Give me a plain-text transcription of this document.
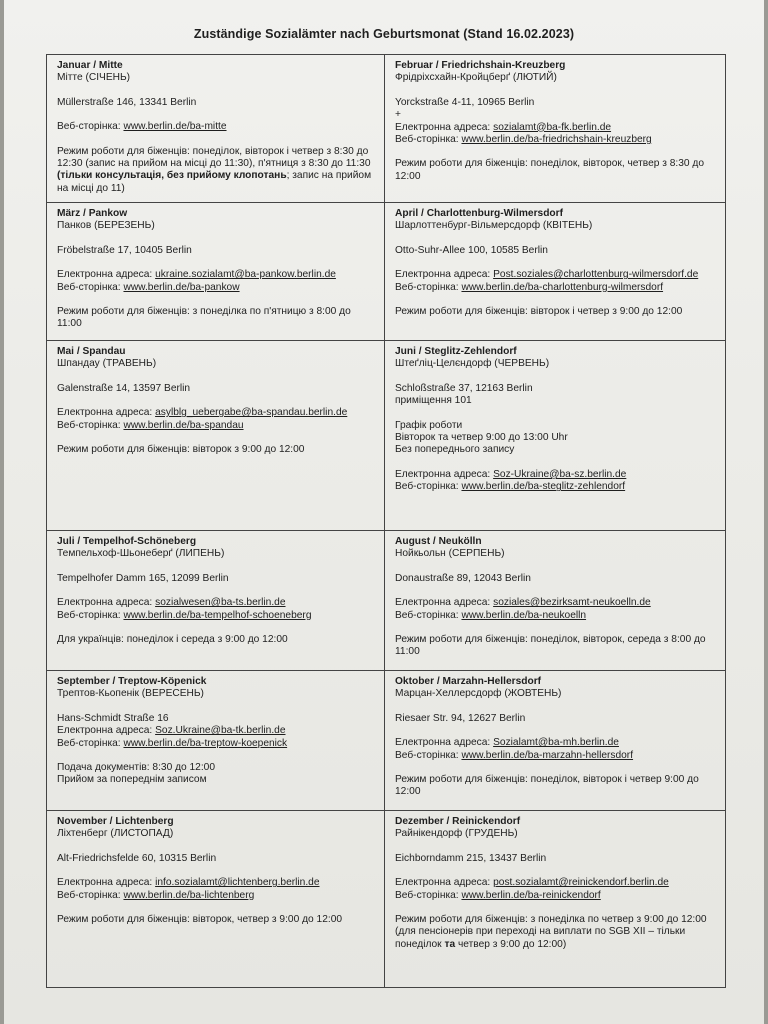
Zuständige Sozialämter nach Geburtsmonat (Stand 16.02.2023)
Januar / Mitte
Мітте (СІЧЕНЬ)
Müllerstraße 146, 13341 Berlin
Веб-сторінка: www.berlin.de/ba-mitte
Режим роботи для біженців: понеділок, вівторок і четвер з 8:30 до 12:30 (запис на прийом на місці до 11:30), п'ятниця з 8:30 до 11:30 (тільки консультація, без прийому клопотань; запис на прийом на місці до 11)
Februar / Friedrichshain-Kreuzberg
Фрідріхсхайн-Кройцберґ (ЛЮТИЙ)
Yorckstraße 4-11, 10965 Berlin
+
Електронна адреса: sozialamt@ba-fk.berlin.de
Веб-сторінка: www.berlin.de/ba-friedrichshain-kreuzberg
Режим роботи для біженців: понеділок, вівторок, четвер з 8:30 до 12:00
März / Pankow
Панков (БЕРЕЗЕНЬ)
Fröbelstraße 17, 10405 Berlin
Електронна адреса: ukraine.sozialamt@ba-pankow.berlin.de
Веб-сторінка: www.berlin.de/ba-pankow
Режим роботи для біженців: з понеділка по п'ятницю з 8:00 до 11:00
April / Charlottenburg-Wilmersdorf
Шарлоттенбург-Вільмерсдорф (КВІТЕНЬ)
Otto-Suhr-Allee 100, 10585 Berlin
Електронна адреса: Post.soziales@charlottenburg-wilmersdorf.de
Веб-сторінка: www.berlin.de/ba-charlottenburg-wilmersdorf
Режим роботи для біженців: вівторок і четвер з 9:00 до 12:00
Mai / Spandau
Шпандау (ТРАВЕНЬ)
Galenstraße 14, 13597 Berlin
Електронна адреса: asylblg_uebergabe@ba-spandau.berlin.de
Веб-сторінка: www.berlin.de/ba-spandau
Режим роботи для біженців: вівторок з 9:00 до 12:00
Juni / Steglitz-Zehlendorf
Штеґліц-Целєндорф (ЧЕРВЕНЬ)
Schloßstraße 37, 12163 Berlin
приміщення 101
Графік роботи
Вівторок та четвер 9:00 до 13:00 Uhr
Без попереднього запису
Електронна адреса: Soz-Ukraine@ba-sz.berlin.de
Веб-сторінка: www.berlin.de/ba-steglitz-zehlendorf
Juli / Tempelhof-Schöneberg
Темпельхоф-Шьонеберґ (ЛИПЕНЬ)
Tempelhofer Damm 165, 12099 Berlin
Електронна адреса: sozialwesen@ba-ts.berlin.de
Веб-сторінка: www.berlin.de/ba-tempelhof-schoeneberg
Для українців: понеділок і середа з 9:00 до 12:00
August / Neukölln
Нойкьольн (СЕРПЕНЬ)
Donaustraße 89, 12043 Berlin
Електронна адреса: soziales@bezirksamt-neukoelln.de
Веб-сторінка: www.berlin.de/ba-neukoelln
Режим роботи для біженців: понеділок, вівторок, середа з 8:00 до 11:00
September / Treptow-Köpenick
Трептов-Кьопенік (ВЕРЕСЕНЬ)
Hans-Schmidt Straße 16
Електронна адреса: Soz.Ukraine@ba-tk.berlin.de
Веб-сторінка: www.berlin.de/ba-treptow-koepenick
Подача документів: 8:30 до 12:00
Прийом за попереднім записом
Oktober / Marzahn-Hellersdorf
Марцан-Хеллерсдорф (ЖОВТЕНЬ)
Riesaer Str. 94, 12627 Berlin
Електронна адреса: Sozialamt@ba-mh.berlin.de
Веб-сторінка: www.berlin.de/ba-marzahn-hellersdorf
Режим роботи для біженців: понеділок, вівторок і четвер 9:00 до 12:00
November / Lichtenberg
Ліхтенберг (ЛИСТОПАД)
Alt-Friedrichsfelde 60, 10315 Berlin
Електронна адреса: info.sozialamt@lichtenberg.berlin.de
Веб-сторінка: www.berlin.de/ba-lichtenberg
Режим роботи для біженців: вівторок, четвер з 9:00 до 12:00
Dezember / Reinickendorf
Райнікендорф (ГРУДЕНЬ)
Eichborndamm 215, 13437 Berlin
Електронна адреса: post.sozialamt@reinickendorf.berlin.de
Веб-сторінка: www.berlin.de/ba-reinickendorf
Режим роботи для біженців: з понеділка по четвер з 9:00 до 12:00
(для пенсіонерів при переході на виплати по SGB XII – тільки понеділок та четвер з 9:00 до 12:00)
